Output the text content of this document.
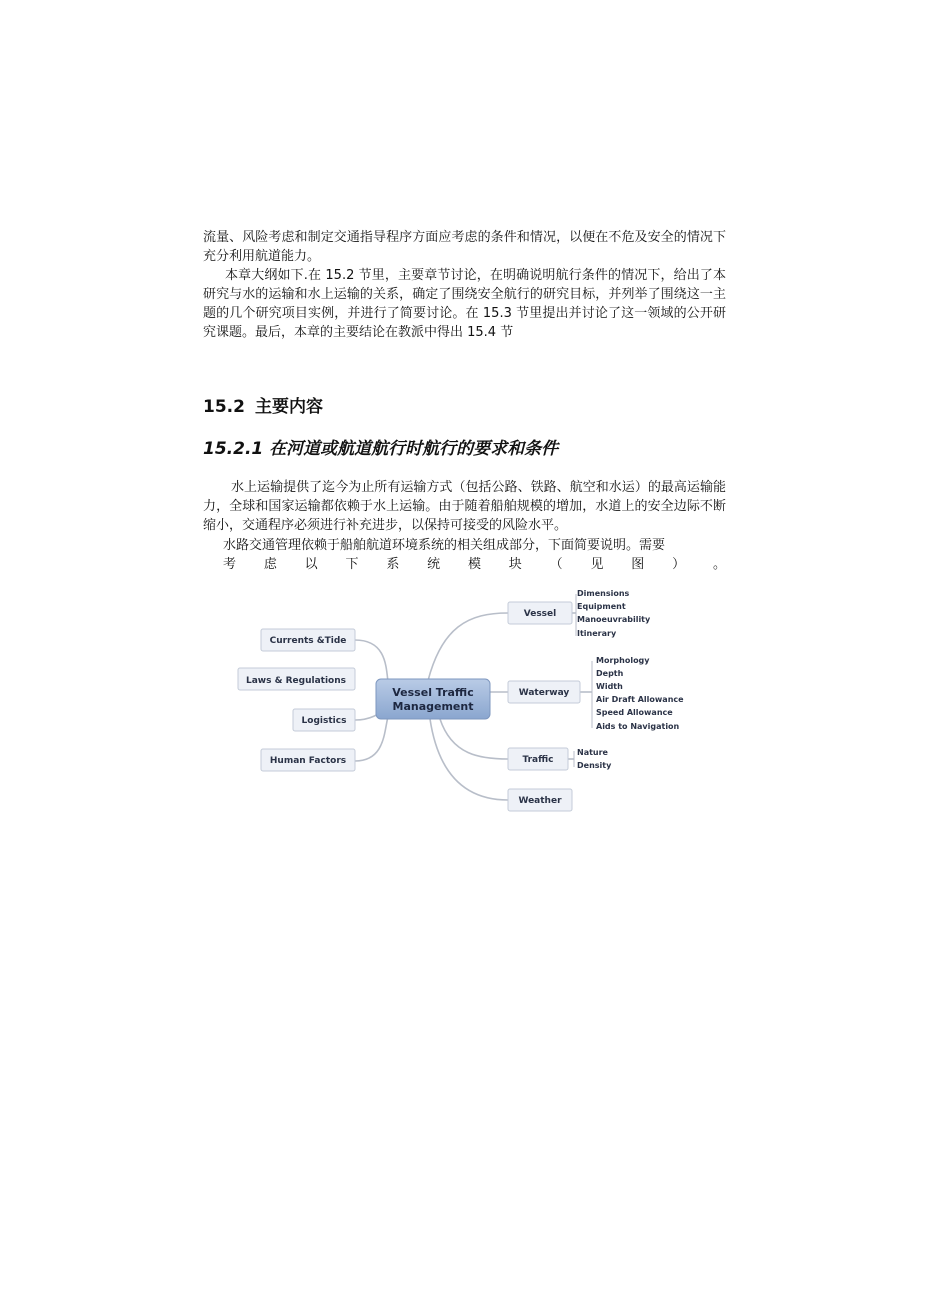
流量、风险考虑和制定交通指导程序方面应考虑的条件和情况，以便在不危及安全的情况下充分利用航道能力。

本章大纲如下.在 15.2 节里，主要章节讨论，在明确说明航行条件的情况下，给出了本研究与水的运输和水上运输的关系，确定了围绕安全航行的研究目标，并列举了围绕这一主题的几个研究项目实例，并进行了简要讨论。在 15.3 节里提出并讨论了这一领域的公开研究课题。最后，本章的主要结论在教派中得出 15.4 节

15.2 主要内容
15.2.1 在河道或航道航行时航行的要求和条件

水上运输提供了迄今为止所有运输方式（包括公路、铁路、航空和水运）的最高运输能力，全球和国家运输都依赖于水上运输。由于随着船舶规模的增加，水道上的安全边际不断缩小，交通程序必须进行补充进步，以保持可接受的风险水平。

水路交通管理依赖于船舶航道环境系统的相关组成部分，下面简要说明。需要
考	虑	以	下	系	统	模	块	（	见	图	）	。
Vessel Traffic
Management
Currents &Tide
Laws & Regulations
Logistics
Human Factors
Vessel
Waterway
Traffic
Weather
Dimensions
Equipment
Manoeuvrability
Itinerary
Morphology
Depth
Width
Air Draft Allowance
Speed Allowance
Aids to Navigation
Nature
Density
